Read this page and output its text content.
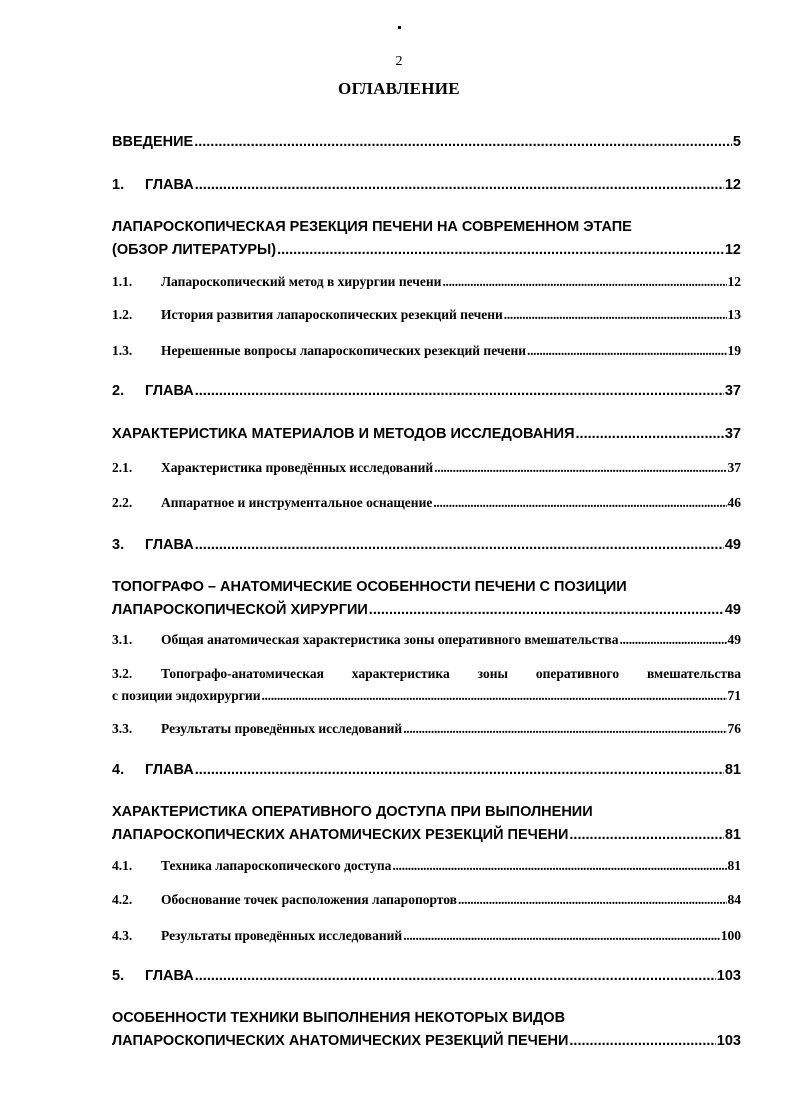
2
ОГЛАВЛЕНИЕ
ВВЕДЕНИЕ .....	5
1. ГЛАВА .....	12
ЛАПАРОСКОПИЧЕСКАЯ РЕЗЕКЦИЯ ПЕЧЕНИ НА СОВРЕМЕННОМ ЭТАПЕ
(ОБЗОР ЛИТЕРАТУРЫ) .....	12
1.1. Лапароскопический метод в хирургии печени .....	12
1.2. История развития лапароскопических резекций печени .....	13
1.3. Нерешенные вопросы лапароскопических резекций печени .....	19
2. ГЛАВА .....	37
ХАРАКТЕРИСТИКА МАТЕРИАЛОВ И МЕТОДОВ ИССЛЕДОВАНИЯ .....	37
2.1. Характеристика проведённых исследований .....	37
2.2. Аппаратное и инструментальное оснащение .....	46
3. ГЛАВА .....	49
ТОПОГРАФО – АНАТОМИЧЕСКИЕ ОСОБЕННОСТИ ПЕЧЕНИ С ПОЗИЦИИ
ЛАПАРОСКОПИЧЕСКОЙ ХИРУРГИИ .....	49
3.1. Общая анатомическая характеристика зоны оперативного вмешательства .....	49
3.2. Топографо-анатомическая характеристика зоны оперативного вмешательства
с позиции эндохирургии .....	71
3.3. Результаты проведённых исследований .....	76
4. ГЛАВА .....	81
ХАРАКТЕРИСТИКА ОПЕРАТИВНОГО ДОСТУПА ПРИ ВЫПОЛНЕНИИ
ЛАПАРОСКОПИЧЕСКИХ АНАТОМИЧЕСКИХ РЕЗЕКЦИЙ ПЕЧЕНИ .....	81
4.1. Техника лапароскопического доступа .....	81
4.2. Обоснование точек расположения лапаропортов .....	84
4.3. Результаты проведённых исследований .....	100
5. ГЛАВА .....	103
ОСОБЕННОСТИ ТЕХНИКИ ВЫПОЛНЕНИЯ НЕКОТОРЫХ ВИДОВ
ЛАПАРОСКОПИЧЕСКИХ АНАТОМИЧЕСКИХ РЕЗЕКЦИЙ ПЕЧЕНИ .....	103
